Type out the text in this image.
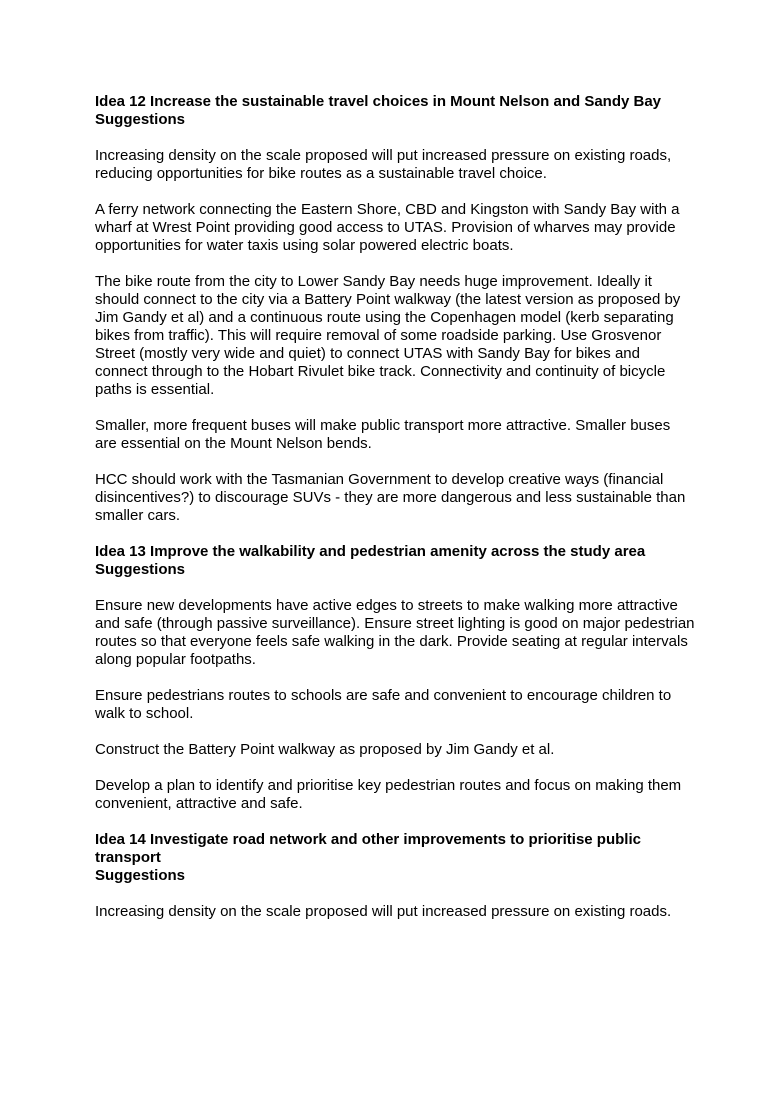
Idea 12 Increase the sustainable travel choices in Mount Nelson and Sandy Bay

Suggestions

Increasing density on the scale proposed will put increased pressure on existing roads, reducing opportunities for bike routes as a sustainable travel choice.

A ferry network connecting the Eastern Shore, CBD and Kingston with Sandy Bay with a wharf at Wrest Point providing good access to UTAS. Provision of wharves may provide opportunities for water taxis using solar powered electric boats.

The bike route from the city to Lower Sandy Bay needs huge improvement. Ideally it should connect to the city via a Battery Point walkway (the latest version as proposed by Jim Gandy et al) and a continuous route using the Copenhagen model (kerb separating bikes from traffic). This will require removal of some roadside parking. Use Grosvenor Street (mostly very wide and quiet) to connect UTAS with Sandy Bay for bikes and connect through to the Hobart Rivulet bike track. Connectivity and continuity of bicycle paths is essential.

Smaller, more frequent buses will make public transport more attractive. Smaller buses are essential on the Mount Nelson bends.

HCC should work with the Tasmanian Government to develop creative ways (financial disincentives?) to discourage SUVs - they are more dangerous and less sustainable than smaller cars.

Idea 13 Improve the walkability and pedestrian amenity across the study area

Suggestions

Ensure new developments have active edges to streets to make walking more attractive and safe (through passive surveillance). Ensure street lighting is good on major pedestrian routes so that everyone feels safe walking in the dark. Provide seating at regular intervals along popular footpaths.

Ensure pedestrians routes to schools are safe and convenient to encourage children to walk to school.

Construct the Battery Point walkway as proposed by Jim Gandy et al.

Develop a plan to identify and prioritise key pedestrian routes and focus on making them convenient, attractive and safe.

Idea 14 Investigate road network and other improvements to prioritise public transport

Suggestions

Increasing density on the scale proposed will put increased pressure on existing roads.
